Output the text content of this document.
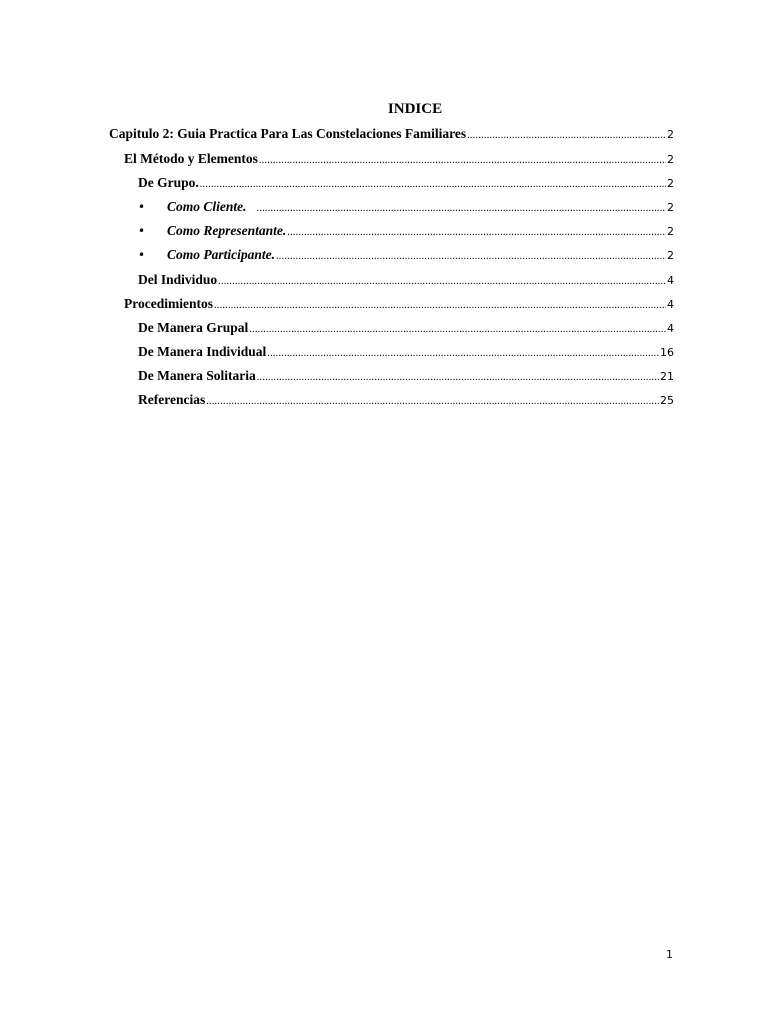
INDICE
Capitulo 2: Guia Practica Para Las Constelaciones Familiares .....	2
El Método y Elementos .....	2
De Grupo. .....	2
• Como Cliente. .....	2
• Como Representante. .....	2
• Como Participante. .....	2
Del Individuo .....	4
Procedimientos .....	4
De Manera Grupal .....	4
De Manera Individual .....	16
De Manera Solitaria .....	21
Referencias .....	25
1
